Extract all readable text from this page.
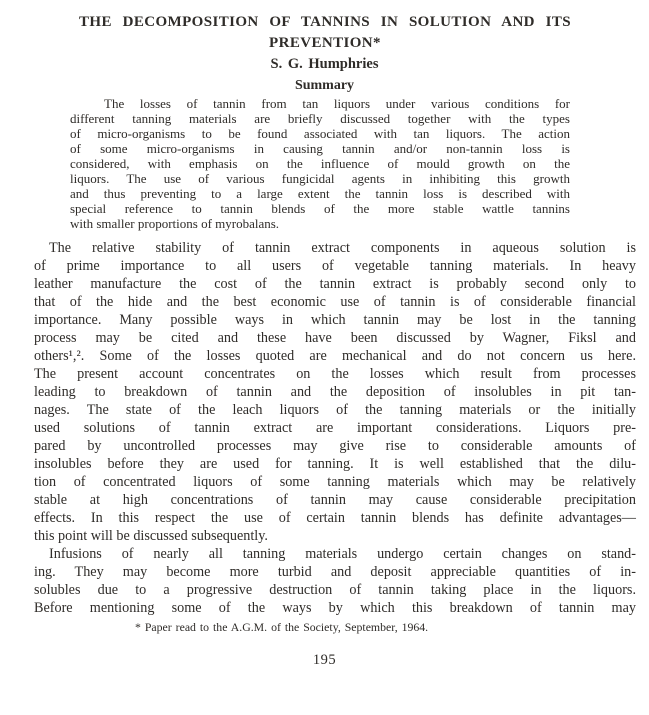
THE DECOMPOSITION OF TANNINS IN SOLUTION AND ITS
PREVENTION*
S. G. Humphries
Summary
The losses of tannin from tan liquors under various conditions for
different tanning materials are briefly discussed together with the types
of micro-organisms to be found associated with tan liquors. The action
of some micro-organisms in causing tannin and/or non-tannin loss is
considered, with emphasis on the influence of mould growth on the
liquors. The use of various fungicidal agents in inhibiting this growth
and thus preventing to a large extent the tannin loss is described with
special reference to tannin blends of the more stable wattle tannins
with smaller proportions of myrobalans.
The relative stability of tannin extract components in aqueous solution is
of prime importance to all users of vegetable tanning materials. In heavy
leather manufacture the cost of the tannin extract is probably second only to
that of the hide and the best economic use of tannin is of considerable financial
importance. Many possible ways in which tannin may be lost in the tanning
process may be cited and these have been discussed by Wagner, Fiksl and
others¹,². Some of the losses quoted are mechanical and do not concern us here.
The present account concentrates on the losses which result from processes
leading to breakdown of tannin and the deposition of insolubles in pit tan-
nages. The state of the leach liquors of the tanning materials or the initially
used solutions of tannin extract are important considerations. Liquors pre-
pared by uncontrolled processes may give rise to considerable amounts of
insolubles before they are used for tanning. It is well established that the dilu-
tion of concentrated liquors of some tanning materials which may be relatively
stable at high concentrations of tannin may cause considerable precipitation
effects. In this respect the use of certain tannin blends has definite advantages—
this point will be discussed subsequently.
Infusions of nearly all tanning materials undergo certain changes on stand-
ing. They may become more turbid and deposit appreciable quantities of in-
solubles due to a progressive destruction of tannin taking place in the liquors.
Before mentioning some of the ways by which this breakdown of tannin may
* Paper read to the A.G.M. of the Society, September, 1964.
195
